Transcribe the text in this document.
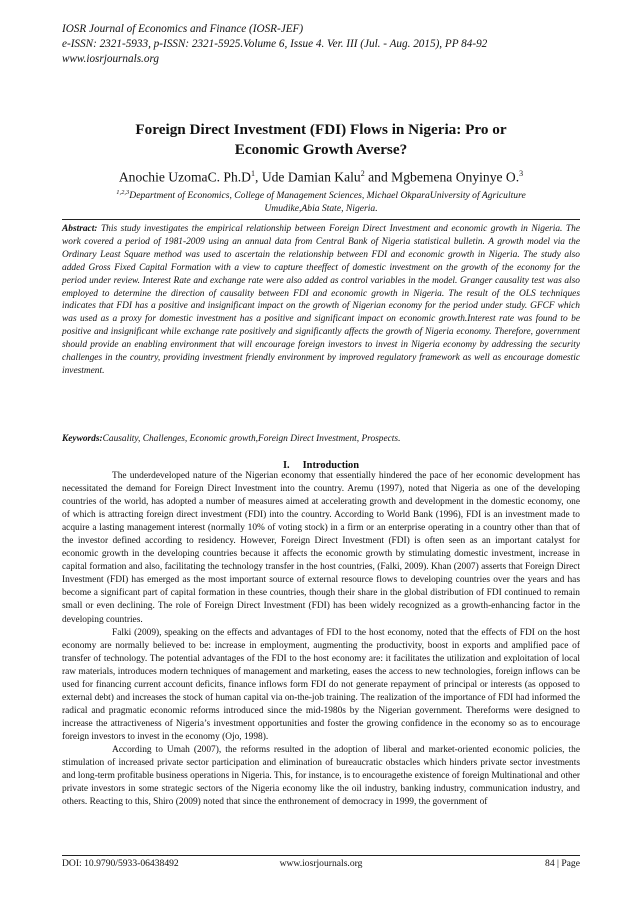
IOSR Journal of Economics and Finance (IOSR-JEF)
e-ISSN: 2321-5933, p-ISSN: 2321-5925.Volume 6, Issue 4. Ver. III (Jul. - Aug. 2015), PP 84-92
www.iosrjournals.org
Foreign Direct Investment (FDI) Flows in Nigeria: Pro or
Economic Growth Averse?
Anochie UzomaC. $Ph.D^1$, Ude Damian Kalu$^2$ and Mgbemena Onyinye O.$^3$
$^{1,2,3}$Department of Economics, College of Management Sciences, Michael OkparaUniversity of Agriculture
Umudike,Abia State, Nigeria.
Abstract: This study investigates the empirical relationship between Foreign Direct Investment and economic growth in Nigeria. The work covered a period of 1981-2009 using an annual data from Central Bank of Nigeria statistical bulletin. A growth model via the Ordinary Least Square method was used to ascertain the relationship between FDI and economic growth in Nigeria. The study also added Gross Fixed Capital Formation with a view to capture theeffect of domestic investment on the growth of the economy for the period under review. Interest Rate and exchange rate were also added as control variables in the model. Granger causality test was also employed to determine the direction of causality between FDI and economic growth in Nigeria. The result of the OLS techniques indicates that FDI has a positive and insignificant impact on the growth of Nigerian economy for the period under study. GFCF which was used as a proxy for domestic investment has a positive and significant impact on economic growth.Interest rate was found to be positive and insignificant while exchange rate positively and significantly affects the growth of Nigeria economy. Therefore, government should provide an enabling environment that will encourage foreign investors to invest in Nigeria economy by addressing the security challenges in the country, providing investment friendly environment by improved regulatory framework as well as encourage domestic investment.
Keywords:Causality, Challenges, Economic growth,Foreign Direct Investment, Prospects.
I. Introduction

The underdeveloped nature of the Nigerian economy that essentially hindered the pace of her economic development has necessitated the demand for Foreign Direct Investment into the country. Aremu (1997), noted that Nigeria as one of the developing countries of the world, has adopted a number of measures aimed at accelerating growth and development in the domestic economy, one of which is attracting foreign direct investment (FDI) into the country. According to World Bank (1996), FDI is an investment made to acquire a lasting management interest (normally 10% of voting stock) in a firm or an enterprise operating in a country other than that of the investor defined according to residency. However, Foreign Direct Investment (FDI) is often seen as an important catalyst for economic growth in the developing countries because it affects the economic growth by stimulating domestic investment, increase in capital formation and also, facilitating the technology transfer in the host countries, (Falki, 2009). Khan (2007) asserts that Foreign Direct Investment (FDI) has emerged as the most important source of external resource flows to developing countries over the years and has become a significant part of capital formation in these countries, though their share in the global distribution of FDI continued to remain small or even declining. The role of Foreign Direct Investment (FDI) has been widely recognized as a growth-enhancing factor in the developing countries.

Falki (2009), speaking on the effects and advantages of FDI to the host economy, noted that the effects of FDI on the host economy are normally believed to be: increase in employment, augmenting the productivity, boost in exports and amplified pace of transfer of technology. The potential advantages of the FDI to the host economy are: it facilitates the utilization and exploitation of local raw materials, introduces modern techniques of management and marketing, eases the access to new technologies, foreign inflows can be used for financing current account deficits, finance inflows form FDI do not generate repayment of principal or interests (as opposed to external debt) and increases the stock of human capital via on-the-job training. The realization of the importance of FDI had informed the radical and pragmatic economic reforms introduced since the mid-1980s by the Nigerian government. Thereforms were designed to increase the attractiveness of Nigeria’s investment opportunities and foster the growing confidence in the economy so as to encourage foreign investors to invest in the economy (Ojo, 1998).

According to Umah (2007), the reforms resulted in the adoption of liberal and market-oriented economic policies, the stimulation of increased private sector participation and elimination of bureaucratic obstacles which hinders private sector investments and long-term profitable business operations in Nigeria. This, for instance, is to encouragethe existence of foreign Multinational and other private investors in some strategic sectors of the Nigeria economy like the oil industry, banking industry, communication industry, and others. Reacting to this, Shiro (2009) noted that since the enthronement of democracy in 1999, the government of

DOI: 10.9790/5933-06438492	www.iosrjournals.org	84 | Page
